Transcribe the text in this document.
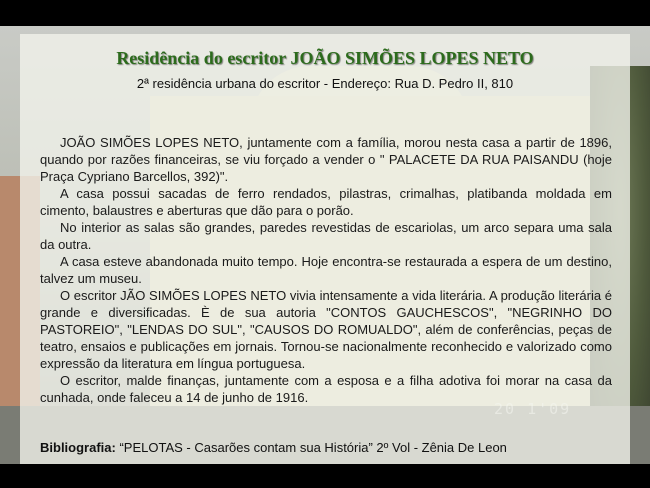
Residência do escritor JOÃO SIMÕES LOPES NETO
2ª residência urbana do escritor - Endereço: Rua D. Pedro II, 810

JOÃO SIMÕES LOPES NETO, juntamente com a família, morou nesta casa a partir de 1896, quando por razões financeiras, se viu forçado a vender o " PALACETE DA RUA PAISANDU (hoje Praça Cypriano Barcellos, 392)".

A casa possui sacadas de ferro rendados, pilastras, crimalhas, platibanda moldada em cimento, balaustres e aberturas que dão para o porão.

No interior as salas são grandes, paredes revestidas de escariolas, um arco separa uma sala da outra.

A casa esteve abandonada muito tempo. Hoje encontra-se restaurada a espera de um destino, talvez um museu.

O escritor JÃO SIMÕES LOPES NETO vivia intensamente a vida literária. A produção literária é grande e diversificadas. È de sua autoria "CONTOS GAUCHESCOS", "NEGRINHO DO PASTOREIO", "LENDAS DO SUL", "CAUSOS DO ROMUALDO", além de conferências, peças de teatro, ensaios e publicações em jornais. Tornou-se nacionalmente reconhecido e valorizado como expressão da literatura em língua portuguesa.

O escritor, malde finanças, juntamente com a esposa e a filha adotiva foi morar na casa da cunhada, onde faleceu a 14 de junho de 1916.

Bibliografia: “PELOTAS - Casarões contam sua História” 2º Vol - Zênia De Leon
